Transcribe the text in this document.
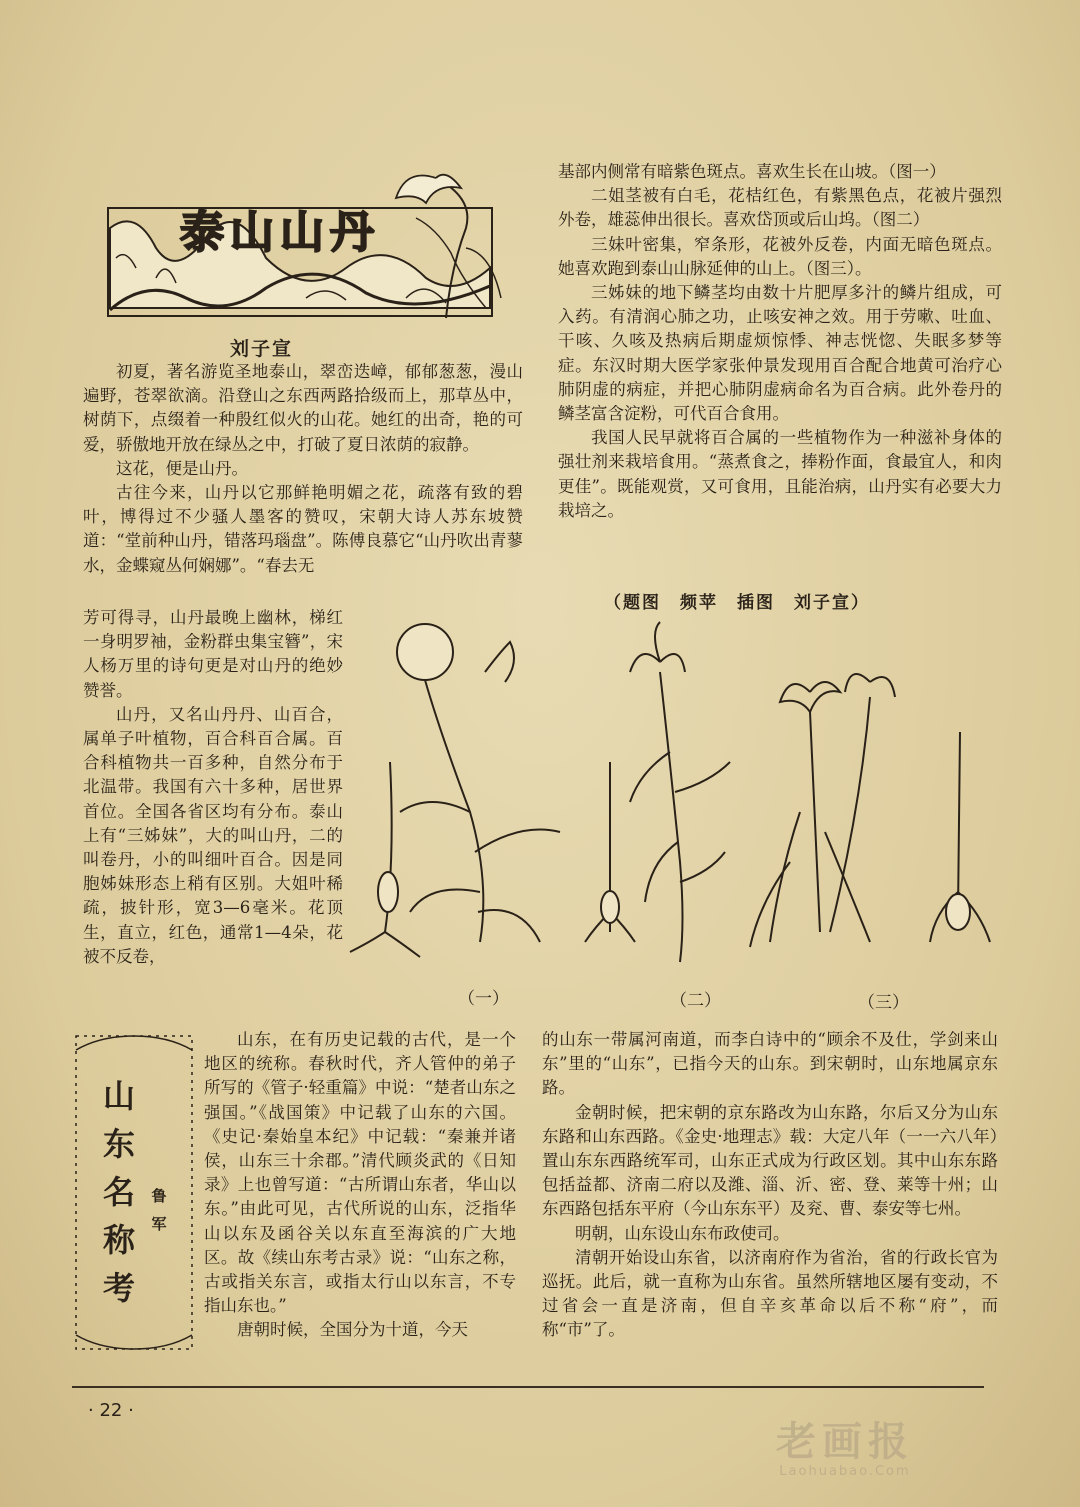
泰山山丹
刘子宣

初夏，著名游览圣地泰山，翠峦迭嶂，郁郁葱葱，漫山遍野，苍翠欲滴。沿登山之东西两路拾级而上，那草丛中，树荫下，点缀着一种殷红似火的山花。她红的出奇，艳的可爱，骄傲地开放在绿丛之中，打破了夏日浓荫的寂静。

这花，便是山丹。

古往今来，山丹以它那鲜艳明媚之花，疏落有致的碧叶，博得过不少骚人墨客的赞叹，宋朝大诗人苏东坡赞道：“堂前种山丹，错落玛瑙盘”。陈傅良慕它“山丹吹出青蓼水，金蝶窥丛何娴娜”。“春去无

芳可得寻，山丹最晚上幽林，梯红一身明罗袖，金粉群虫集宝簪”，宋人杨万里的诗句更是对山丹的绝妙赞誉。

山丹，又名山丹丹、山百合，属单子叶植物，百合科百合属。百合科植物共一百多种，自然分布于北温带。我国有六十多种，居世界首位。全国各省区均有分布。泰山上有“三姊妹”，大的叫山丹，二的叫卷丹，小的叫细叶百合。因是同胞姊妹形态上稍有区别。大姐叶稀疏，披针形，宽3—6毫米。花顶生，直立，红色，通常1—4朵，花被不反卷，

基部内侧常有暗紫色斑点。喜欢生长在山坡。（图一）

二姐茎被有白毛，花桔红色，有紫黑色点，花被片强烈外卷，雄蕊伸出很长。喜欢岱顶或后山坞。（图二）

三妹叶密集，窄条形，花被外反卷，内面无暗色斑点。她喜欢跑到泰山山脉延伸的山上。（图三）。

三姊妹的地下鳞茎均由数十片肥厚多汁的鳞片组成，可入药。有清润心肺之功，止咳安神之效。用于劳嗽、吐血、干咳、久咳及热病后期虚烦惊悸、神志恍惚、失眠多梦等症。东汉时期大医学家张仲景发现用百合配合地黄可治疗心肺阴虚的病症，并把心肺阴虚病命名为百合病。此外卷丹的鳞茎富含淀粉，可代百合食用。

我国人民早就将百合属的一些植物作为一种滋补身体的强壮剂来栽培食用。“蒸煮食之，捧粉作面，食最宜人，和肉更佳”。既能观赏，又可食用，且能治病，山丹实有必要大力栽培之。

（题图　频苹　插图　刘子宣）
（一）	（二）	（三）
山东名称考
鲁军

山东，在有历史记载的古代，是一个地区的统称。春秋时代，齐人管仲的弟子所写的《管子·轻重篇》中说：“楚者山东之强国。”《战国策》中记载了山东的六国。《史记·秦始皇本纪》中记载：“秦兼并诸侯，山东三十余郡。”清代顾炎武的《日知录》上也曾写道：“古所谓山东者，华山以东。”由此可见，古代所说的山东，泛指华山以东及函谷关以东直至海滨的广大地区。故《续山东考古录》说：“山东之称，古或指关东言，或指太行山以东言，不专指山东也。”

唐朝时候，全国分为十道，今天

的山东一带属河南道，而李白诗中的“顾余不及仕，学剑来山东”里的“山东”，已指今天的山东。到宋朝时，山东地属京东路。

金朝时候，把宋朝的京东路改为山东路，尔后又分为山东东路和山东西路。《金史·地理志》载：大定八年（一一六八年）置山东东西路统军司，山东正式成为行政区划。其中山东东路包括益都、济南二府以及潍、淄、沂、密、登、莱等十州；山东西路包括东平府（今山东东平）及兖、曹、泰安等七州。

明朝，山东设山东布政使司。

清朝开始设山东省，以济南府作为省治，省的行政长官为巡抚。此后，就一直称为山东省。虽然所辖地区屡有变动，不过省会一直是济南，但自辛亥革命以后不称“府”，而称“市”了。

· 22 ·
老画报
Laohuabao.Com
